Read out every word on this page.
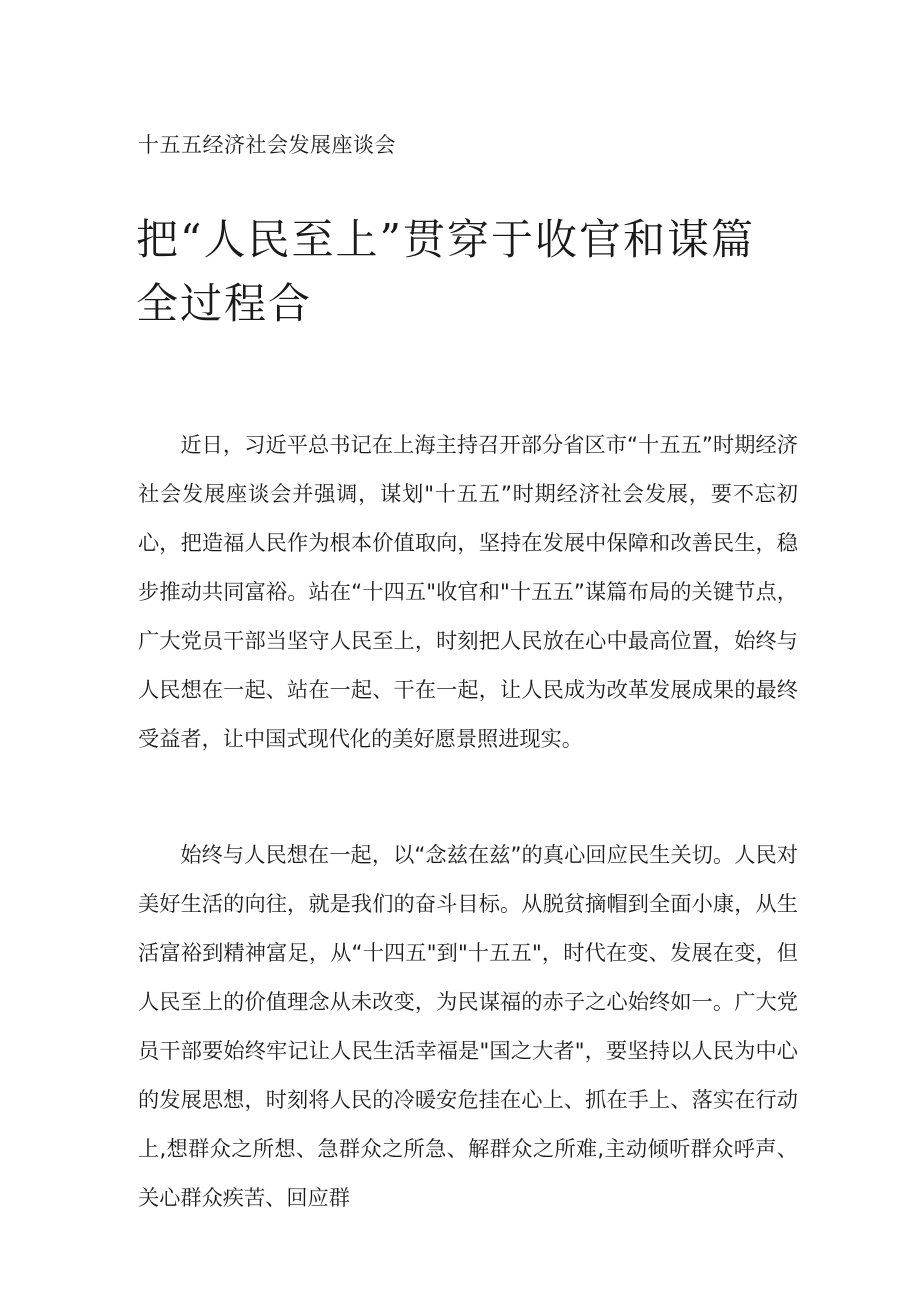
十五五经济社会发展座谈会
把“人民至上”贯穿于收官和谋篇全过程合

近日，习近平总书记在上海主持召开部分省区市“十五五”时期经济社会发展座谈会并强调，谋划"十五五”时期经济社会发展，要不忘初心，把造福人民作为根本价值取向，坚持在发展中保障和改善民生，稳步推动共同富裕。站在“十四五"收官和"十五五”谋篇布局的关键节点，广大党员干部当坚守人民至上，时刻把人民放在心中最高位置，始终与人民想在一起、站在一起、干在一起，让人民成为改革发展成果的最终受益者，让中国式现代化的美好愿景照进现实。

始终与人民想在一起，以“念兹在兹”的真心回应民生关切。人民对美好生活的向往，就是我们的奋斗目标。从脱贫摘帽到全面小康，从生活富裕到精神富足，从“十四五"到"十五五"，时代在变、发展在变，但人民至上的价值理念从未改变，为民谋福的赤子之心始终如一。广大党员干部要始终牢记让人民生活幸福是"国之大者"，要坚持以人民为中心的发展思想，时刻将人民的冷暖安危挂在心上、抓在手上、落实在行动上,想群众之所想、急群众之所急、解群众之所难,主动倾听群众呼声、关心群众疾苦、回应群
